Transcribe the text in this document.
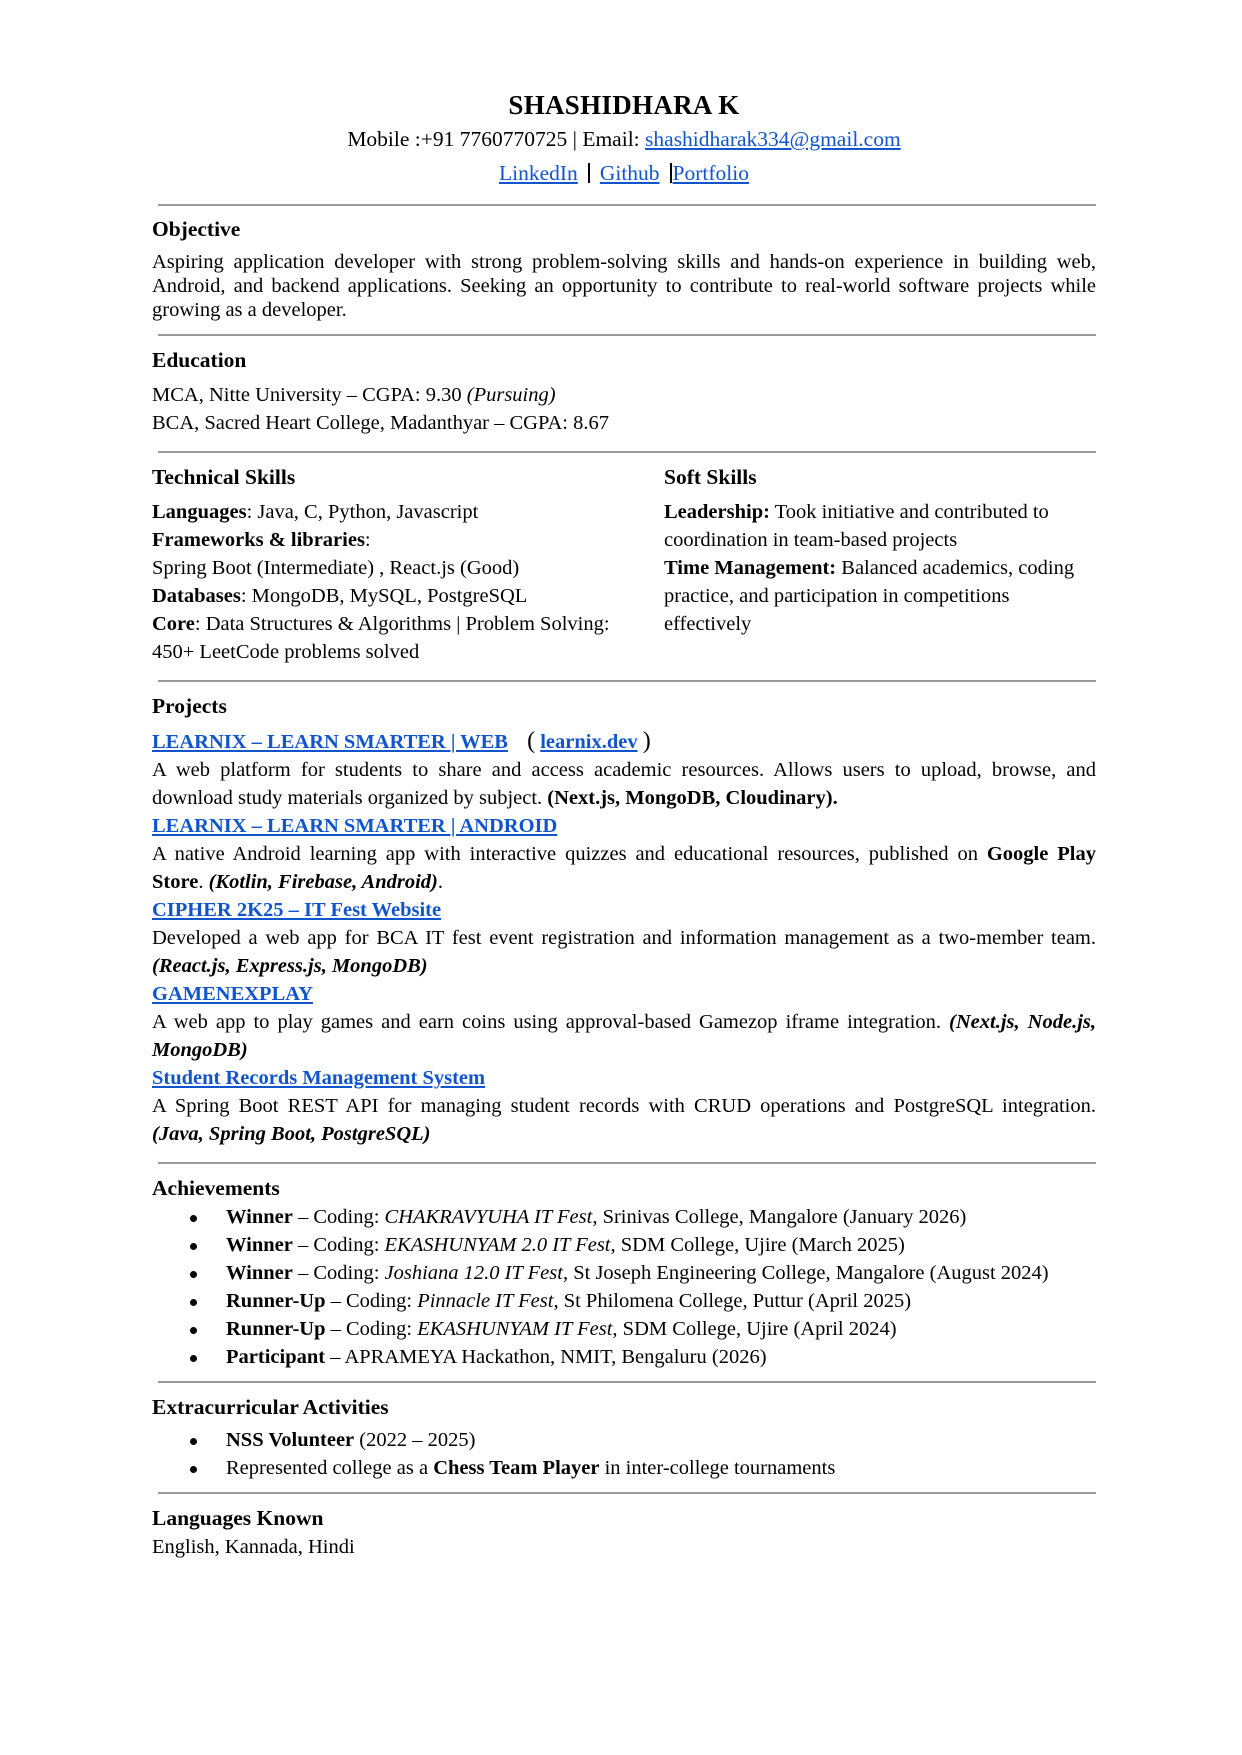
SHASHIDHARA K
Mobile :+91 7760770725 | Email: shashidharak334@gmail.com
LinkedIn Github Portfolio
Objective
Aspiring application developer with strong problem-solving skills and hands-on experience in building web, Android, and backend applications. Seeking an opportunity to contribute to real-world software projects while growing as a developer.
Education
MCA, Nitte University – CGPA: 9.30 (Pursuing)
BCA, Sacred Heart College, Madanthyar – CGPA: 8.67
Technical Skills
Languages: Java, C, Python, Javascript
Frameworks & libraries:
Spring Boot (Intermediate) , React.js (Good)
Databases: MongoDB, MySQL, PostgreSQL
Core: Data Structures & Algorithms | Problem Solving: 450+ LeetCode problems solved
Soft Skills
Leadership: Took initiative and contributed to coordination in team-based projects
Time Management: Balanced academics, coding practice, and participation in competitions effectively
Projects
LEARNIX – LEARN SMARTER | WEB ( learnix.dev )
A web platform for students to share and access academic resources. Allows users to upload, browse, and download study materials organized by subject. (Next.js, MongoDB, Cloudinary).
LEARNIX – LEARN SMARTER | ANDROID
A native Android learning app with interactive quizzes and educational resources, published on Google Play Store. (Kotlin, Firebase, Android).
CIPHER 2K25 – IT Fest Website
Developed a web app for BCA IT fest event registration and information management as a two-member team. (React.js, Express.js, MongoDB)
GAMENEXPLAY
A web app to play games and earn coins using approval-based Gamezop iframe integration. (Next.js, Node.js, MongoDB)
Student Records Management System
A Spring Boot REST API for managing student records with CRUD operations and PostgreSQL integration. (Java, Spring Boot, PostgreSQL)
Achievements
Winner – Coding: CHAKRAVYUHA IT Fest, Srinivas College, Mangalore (January 2026)
Winner – Coding: EKASHUNYAM 2.0 IT Fest, SDM College, Ujire (March 2025)
Winner – Coding: Joshiana 12.0 IT Fest, St Joseph Engineering College, Mangalore (August 2024)
Runner-Up – Coding: Pinnacle IT Fest, St Philomena College, Puttur (April 2025)
Runner-Up – Coding: EKASHUNYAM IT Fest, SDM College, Ujire (April 2024)
Participant – APRAMEYA Hackathon, NMIT, Bengaluru (2026)
Extracurricular Activities
NSS Volunteer (2022 – 2025)
Represented college as a Chess Team Player in inter-college tournaments
Languages Known
English, Kannada, Hindi
